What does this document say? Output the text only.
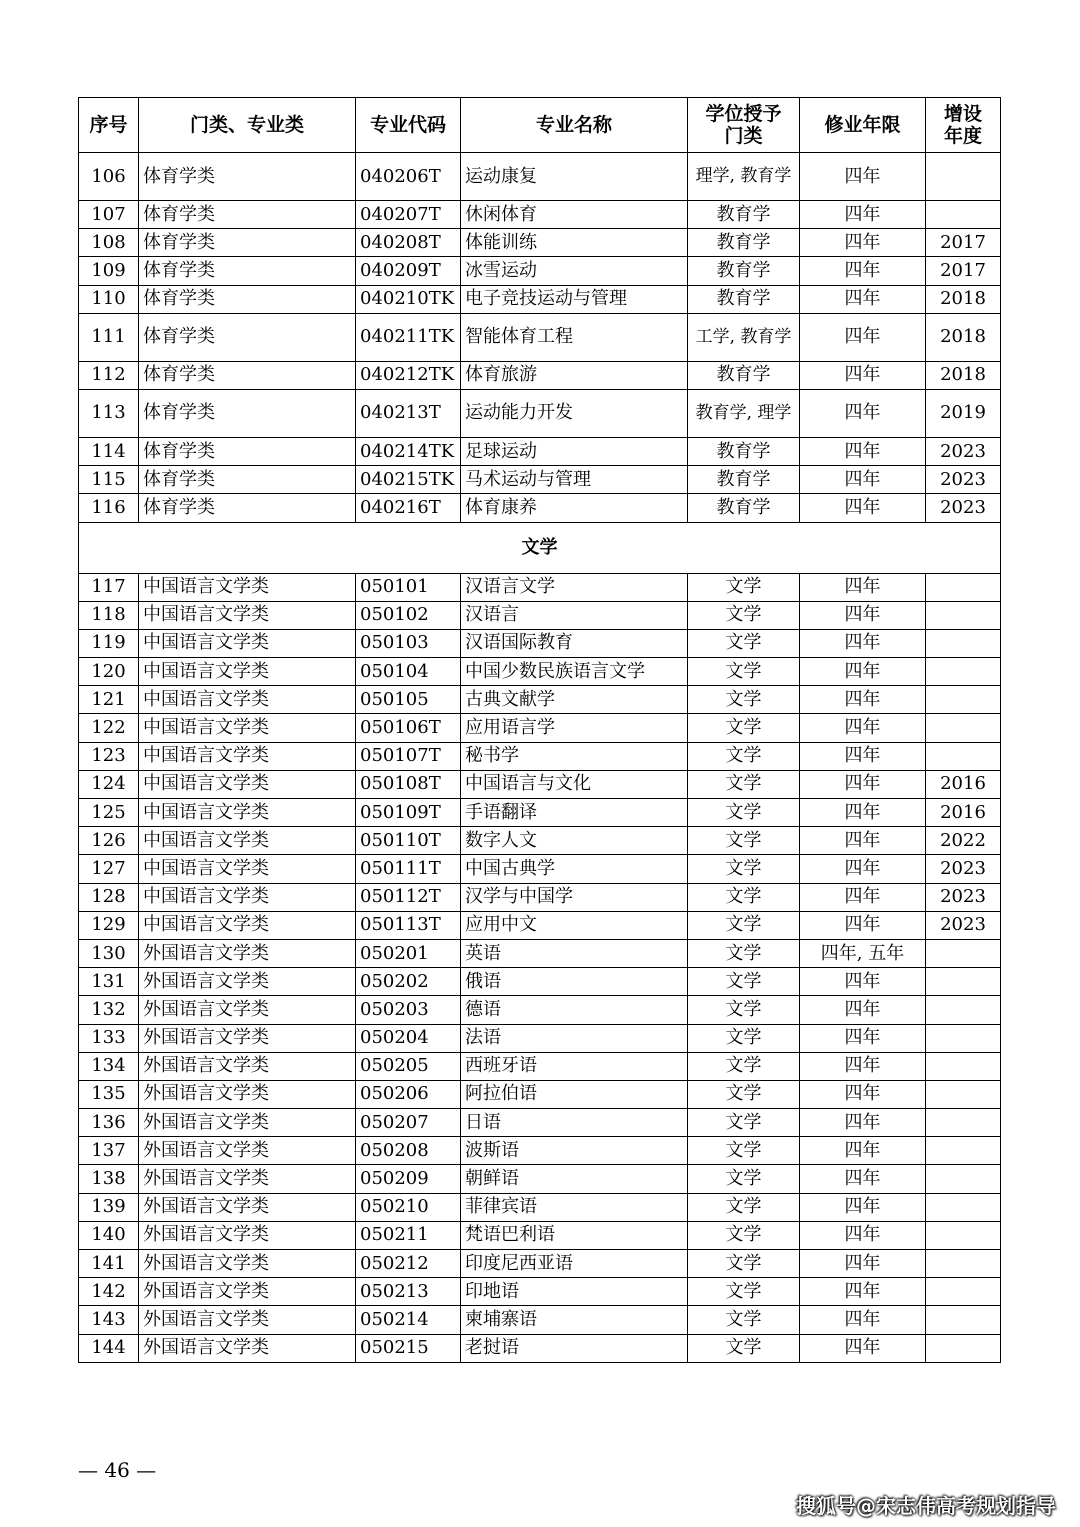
序号	门类、专业类	专业代码	专业名称	学位授予门类	修业年限	增设年度
106	体育学类	040206T	运动康复	理学, 教育学	四年	
107	体育学类	040207T	休闲体育	教育学	四年	
108	体育学类	040208T	体能训练	教育学	四年	2017
109	体育学类	040209T	冰雪运动	教育学	四年	2017
110	体育学类	040210TK	电子竞技运动与管理	教育学	四年	2018
111	体育学类	040211TK	智能体育工程	工学, 教育学	四年	2018
112	体育学类	040212TK	体育旅游	教育学	四年	2018
113	体育学类	040213T	运动能力开发	教育学, 理学	四年	2019
114	体育学类	040214TK	足球运动	教育学	四年	2023
115	体育学类	040215TK	马术运动与管理	教育学	四年	2023
116	体育学类	040216T	体育康养	教育学	四年	2023
文学						
117	中国语言文学类	050101	汉语言文学	文学	四年	
118	中国语言文学类	050102	汉语言	文学	四年	
119	中国语言文学类	050103	汉语国际教育	文学	四年	
120	中国语言文学类	050104	中国少数民族语言文学	文学	四年	
121	中国语言文学类	050105	古典文献学	文学	四年	
122	中国语言文学类	050106T	应用语言学	文学	四年	
123	中国语言文学类	050107T	秘书学	文学	四年	
124	中国语言文学类	050108T	中国语言与文化	文学	四年	2016
125	中国语言文学类	050109T	手语翻译	文学	四年	2016
126	中国语言文学类	050110T	数字人文	文学	四年	2022
127	中国语言文学类	050111T	中国古典学	文学	四年	2023
128	中国语言文学类	050112T	汉学与中国学	文学	四年	2023
129	中国语言文学类	050113T	应用中文	文学	四年	2023
130	外国语言文学类	050201	英语	文学	四年, 五年	
131	外国语言文学类	050202	俄语	文学	四年	
132	外国语言文学类	050203	德语	文学	四年	
133	外国语言文学类	050204	法语	文学	四年	
134	外国语言文学类	050205	西班牙语	文学	四年	
135	外国语言文学类	050206	阿拉伯语	文学	四年	
136	外国语言文学类	050207	日语	文学	四年	
137	外国语言文学类	050208	波斯语	文学	四年	
138	外国语言文学类	050209	朝鲜语	文学	四年	
139	外国语言文学类	050210	菲律宾语	文学	四年	
140	外国语言文学类	050211	梵语巴利语	文学	四年	
141	外国语言文学类	050212	印度尼西亚语	文学	四年	
142	外国语言文学类	050213	印地语	文学	四年	
143	外国语言文学类	050214	柬埔寨语	文学	四年	
144	外国语言文学类	050215	老挝语	文学	四年	
— 46 —
搜狐号@宋志伟高考规划指导
